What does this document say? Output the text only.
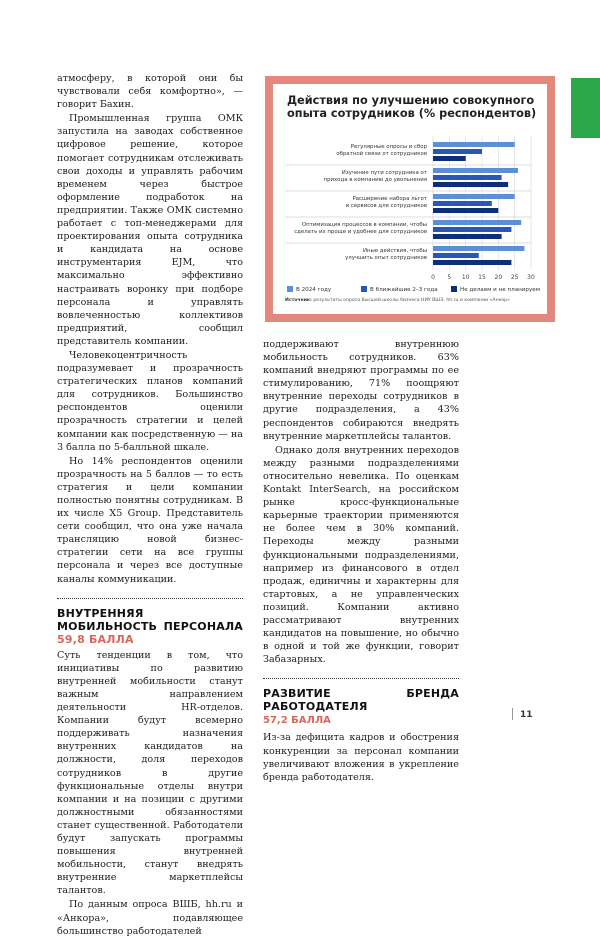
атмосферу, в которой они бы чувствовали себя комфортно», — говорит Бахин.

Промышленная группа ОМК запустила на заводах собственное цифровое решение, которое помогает сотрудникам отслеживать свои доходы и управлять рабочим временем через быстрое оформление подработок на предприятии. Также ОМК системно работает с топ-менеджерами для проектирования опыта сотрудника и кандидата на основе инструментария EJM, что максимально эффективно настраивать воронку при подборе персонала и управлять вовлеченностью коллективов предприятий, сообщил представитель компании.

Человекоцентричность подразумевает и прозрачность стратегических планов компаний для сотрудников. Большинство респондентов оценили прозрачность стратегии и целей компании как посредственную — на 3 балла по 5-балльной шкале.

Но 14% респондентов оценили прозрачность на 5 баллов — то есть стратегия и цели компании полностью понятны сотрудникам. В их числе X5 Group. Представитель сети сообщил, что она уже начала трансляцию новой бизнес-стратегии сети на все группы персонала и через все доступные каналы коммуникации.

ВНУТРЕННЯЯ МОБИЛЬНОСТЬ ПЕРСОНАЛА 59,8 БАЛЛА

Суть тенденции в том, что инициативы по развитию внутренней мобильности станут важным направлением деятельности HR-отделов. Компании будут всемерно поддерживать назначения внутренних кандидатов на должности, доля переходов сотрудников в другие функциональные отделы внутри компании и на позиции с другими должностными обязанностями станет существенной. Работодатели будут запускать программы повышения внутренней мобильности, станут внедрять внутренние маркетплейсы талантов.

По данным опроса ВШБ, hh.ru и «Анкора», подавляющее большинство работодателей

Действия по улучшению совокупного опыта сотрудников (% респондентов)
0 5 10 15 20 25 30
Регулярные опросы и сбор
обратной связи от сотрудников
Изучение пути сотрудника от
прихода в компанию до увольнения
Расширение набора льгот
и сервисов для сотрудников
Оптимизация процессов в компании, чтобы
сделать их проще и удобнее для сотрудников
Иные действия, чтобы
улучшить опыт сотрудников
В 2024 году	В ближайшие 2–3 года	Не делаем и не планируем
Источник: результаты опроса Высшей школы бизнеса НИУ ВШЭ, hh.ru и компании «Анкор»

поддерживают внутреннюю мобильность сотрудников. 63% компаний внедряют программы по ее стимулированию, 71% поощряют внутренние переходы сотрудников в другие подразделения, а 43% респондентов собираются внедрять внутренние маркетплейсы талантов.

Однако доля внутренних переходов между разными подразделениями относительно невелика. По оценкам Kontakt InterSearch, на российском рынке кросс-функциональные карьерные траектории применяются не более чем в 30% компаний. Переходы между разными функциональными подразделениями, например из финансового в отдел продаж, единичны и характерны для стартовых, а не управленческих позиций. Компании активно рассматривают внутренних кандидатов на повышение, но обычно в одной и той же функции, говорит Забазарных.

РАЗВИТИЕ БРЕНДА РАБОТОДАТЕЛЯ
57,2 БАЛЛА

Из-за дефицита кадров и обострения конкуренции за персонал компании увеличивают вложения в укрепление бренда работодателя.

11
